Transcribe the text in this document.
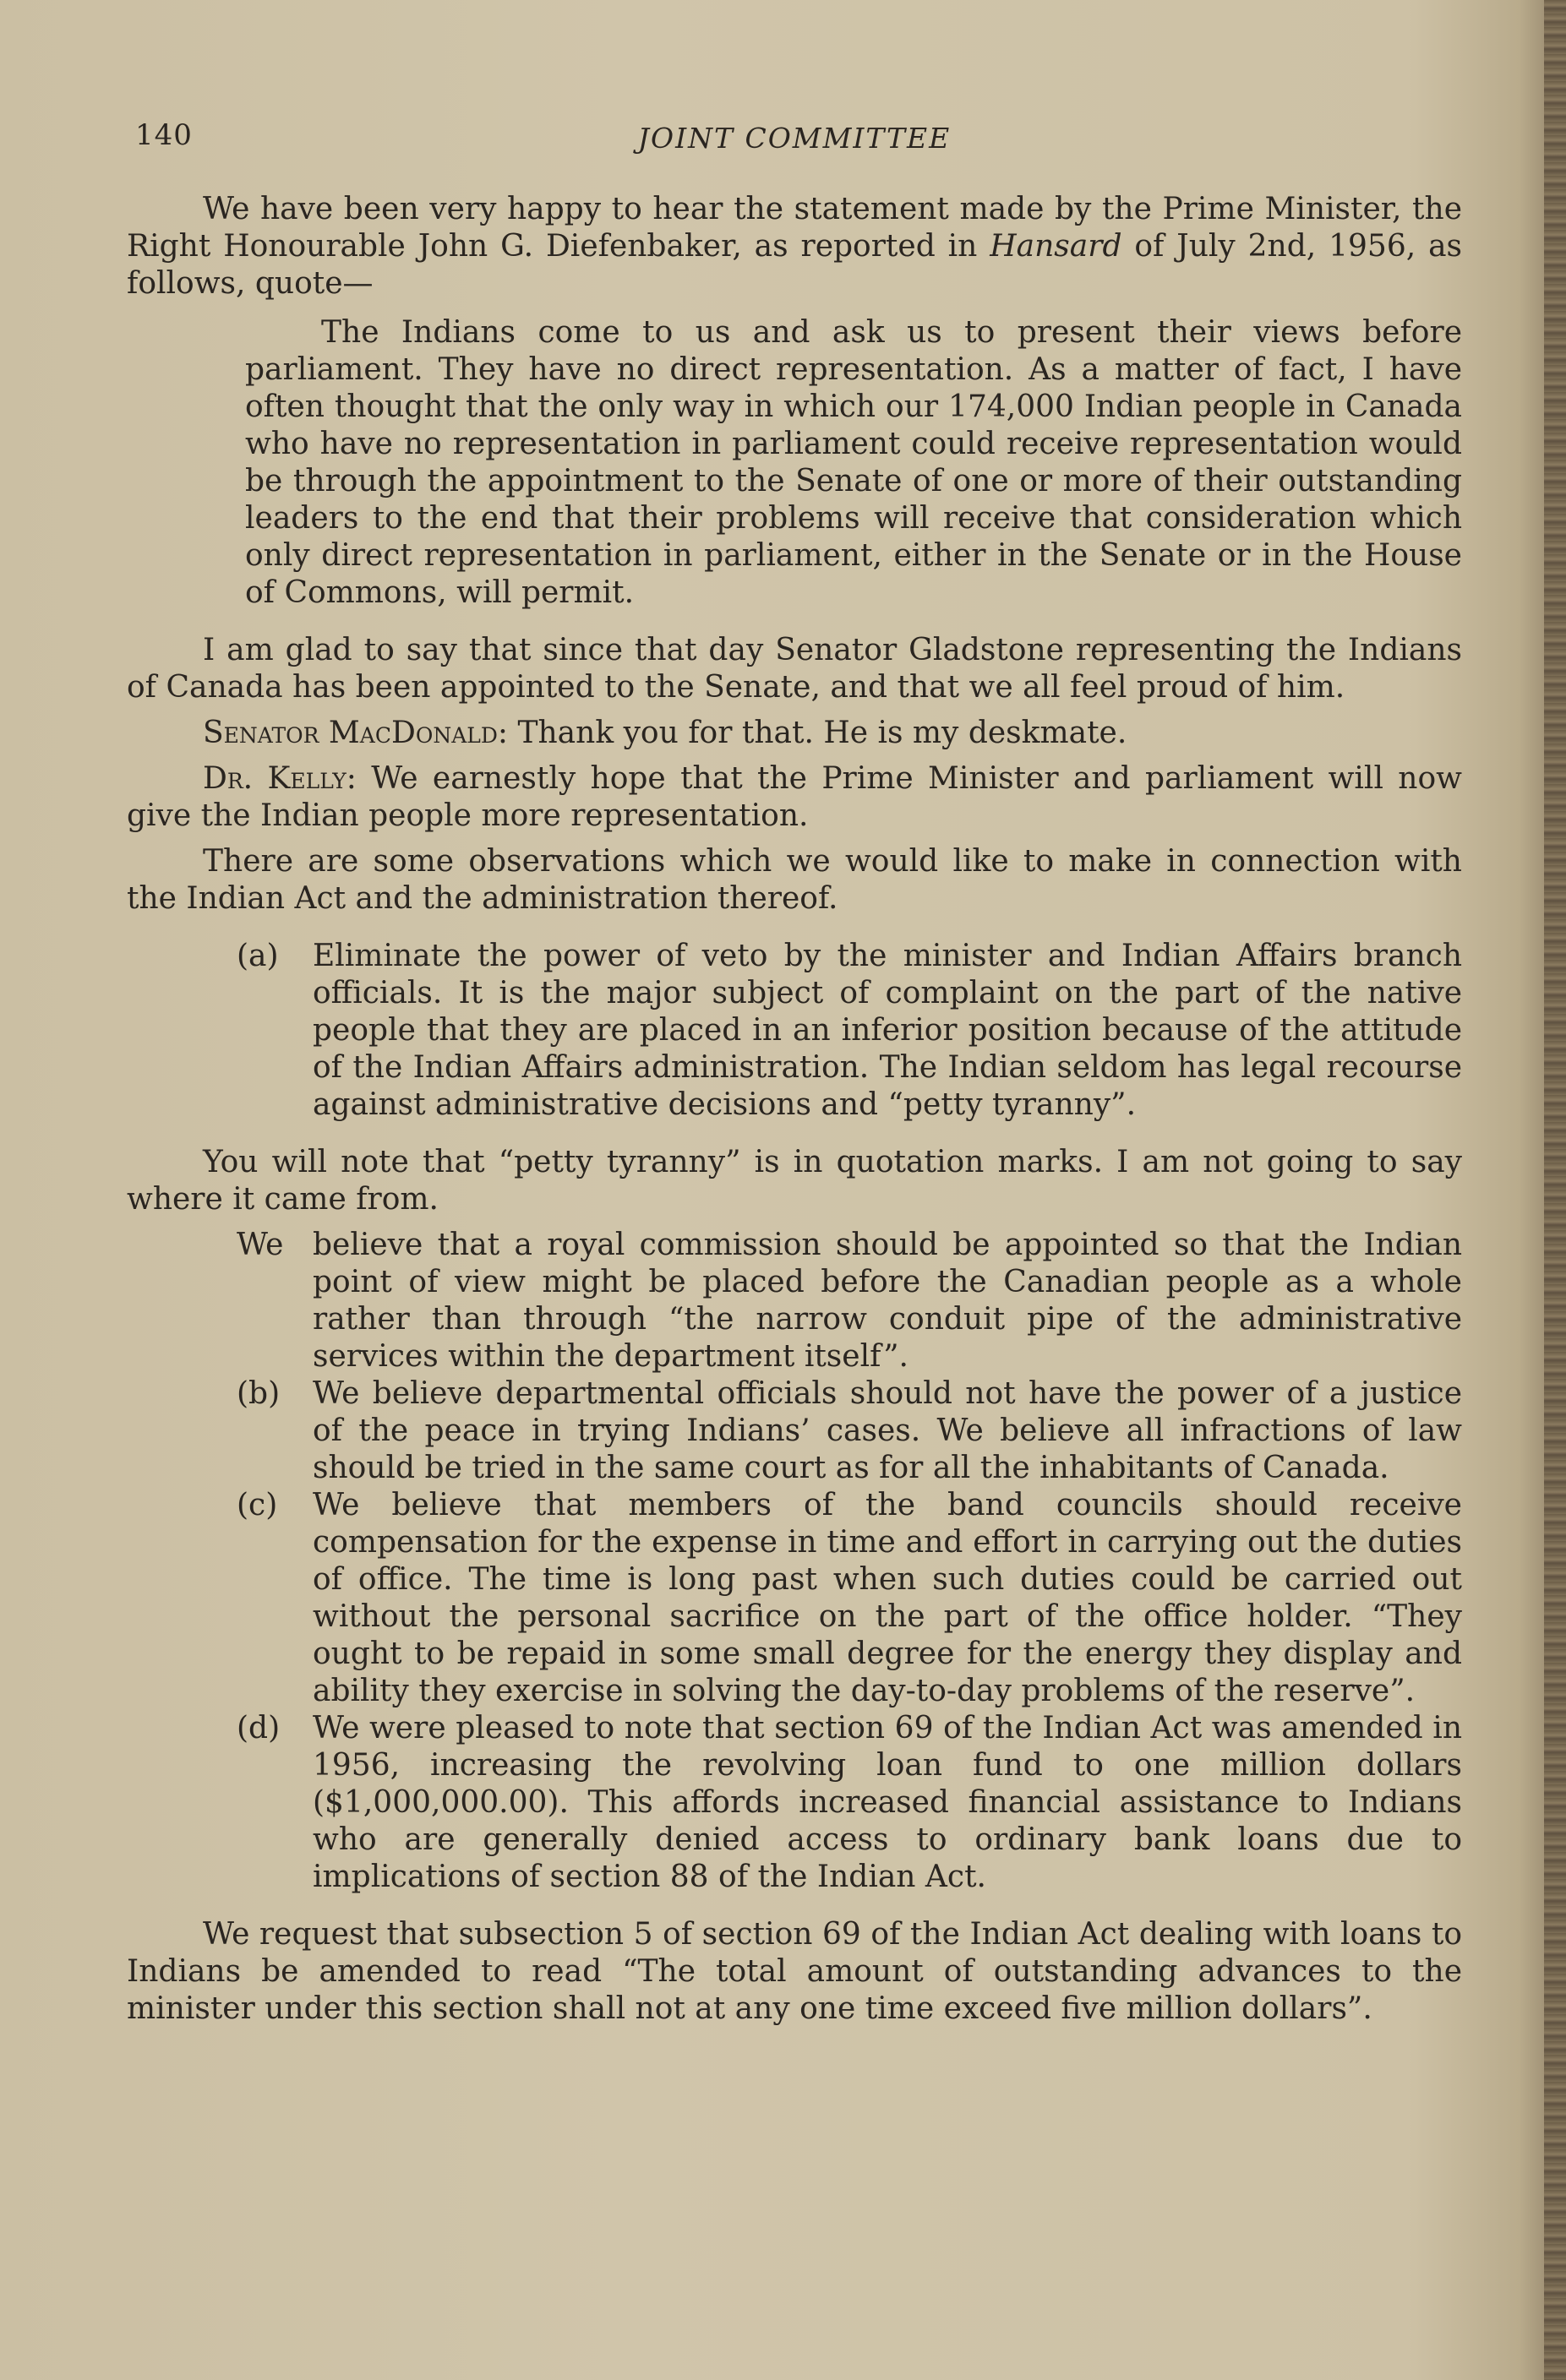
140	JOINT COMMITTEE

We have been very happy to hear the statement made by the Prime Minister, the Right Honourable John G. Diefenbaker, as reported in Hansard of July 2nd, 1956, as follows, quote—

The Indians come to us and ask us to present their views before parliament. They have no direct representation. As a matter of fact, I have often thought that the only way in which our 174,000 Indian people in Canada who have no representation in parliament could receive representation would be through the appointment to the Senate of one or more of their outstanding leaders to the end that their problems will receive that consideration which only direct representation in parliament, either in the Senate or in the House of Commons, will permit.

I am glad to say that since that day Senator Gladstone representing the Indians of Canada has been appointed to the Senate, and that we all feel proud of him.

Senator MacDonald: Thank you for that. He is my deskmate.

Dr. Kelly: We earnestly hope that the Prime Minister and parliament will now give the Indian people more representation.

There are some observations which we would like to make in connection with the Indian Act and the administration thereof.

(a) Eliminate the power of veto by the minister and Indian Affairs branch officials. It is the major subject of complaint on the part of the native people that they are placed in an inferior position because of the attitude of the Indian Affairs administration. The Indian seldom has legal recourse against administrative decisions and “petty tyranny”.

You will note that “petty tyranny” is in quotation marks. I am not going to say where it came from.

We believe that a royal commission should be appointed so that the Indian point of view might be placed before the Canadian people as a whole rather than through “the narrow conduit pipe of the administrative services within the department itself”.

(b) We believe departmental officials should not have the power of a justice of the peace in trying Indians’ cases. We believe all infractions of law should be tried in the same court as for all the inhabitants of Canada.

(c) We believe that members of the band councils should receive compensation for the expense in time and effort in carrying out the duties of office. The time is long past when such duties could be carried out without the personal sacrifice on the part of the office holder. “They ought to be repaid in some small degree for the energy they display and ability they exercise in solving the day-to-day problems of the reserve”.

(d) We were pleased to note that section 69 of the Indian Act was amended in 1956, increasing the revolving loan fund to one million dollars ($1,000,000.00). This affords increased financial assistance to Indians who are generally denied access to ordinary bank loans due to implications of section 88 of the Indian Act.

We request that subsection 5 of section 69 of the Indian Act dealing with loans to Indians be amended to read “The total amount of outstanding advances to the minister under this section shall not at any one time exceed five million dollars”.
